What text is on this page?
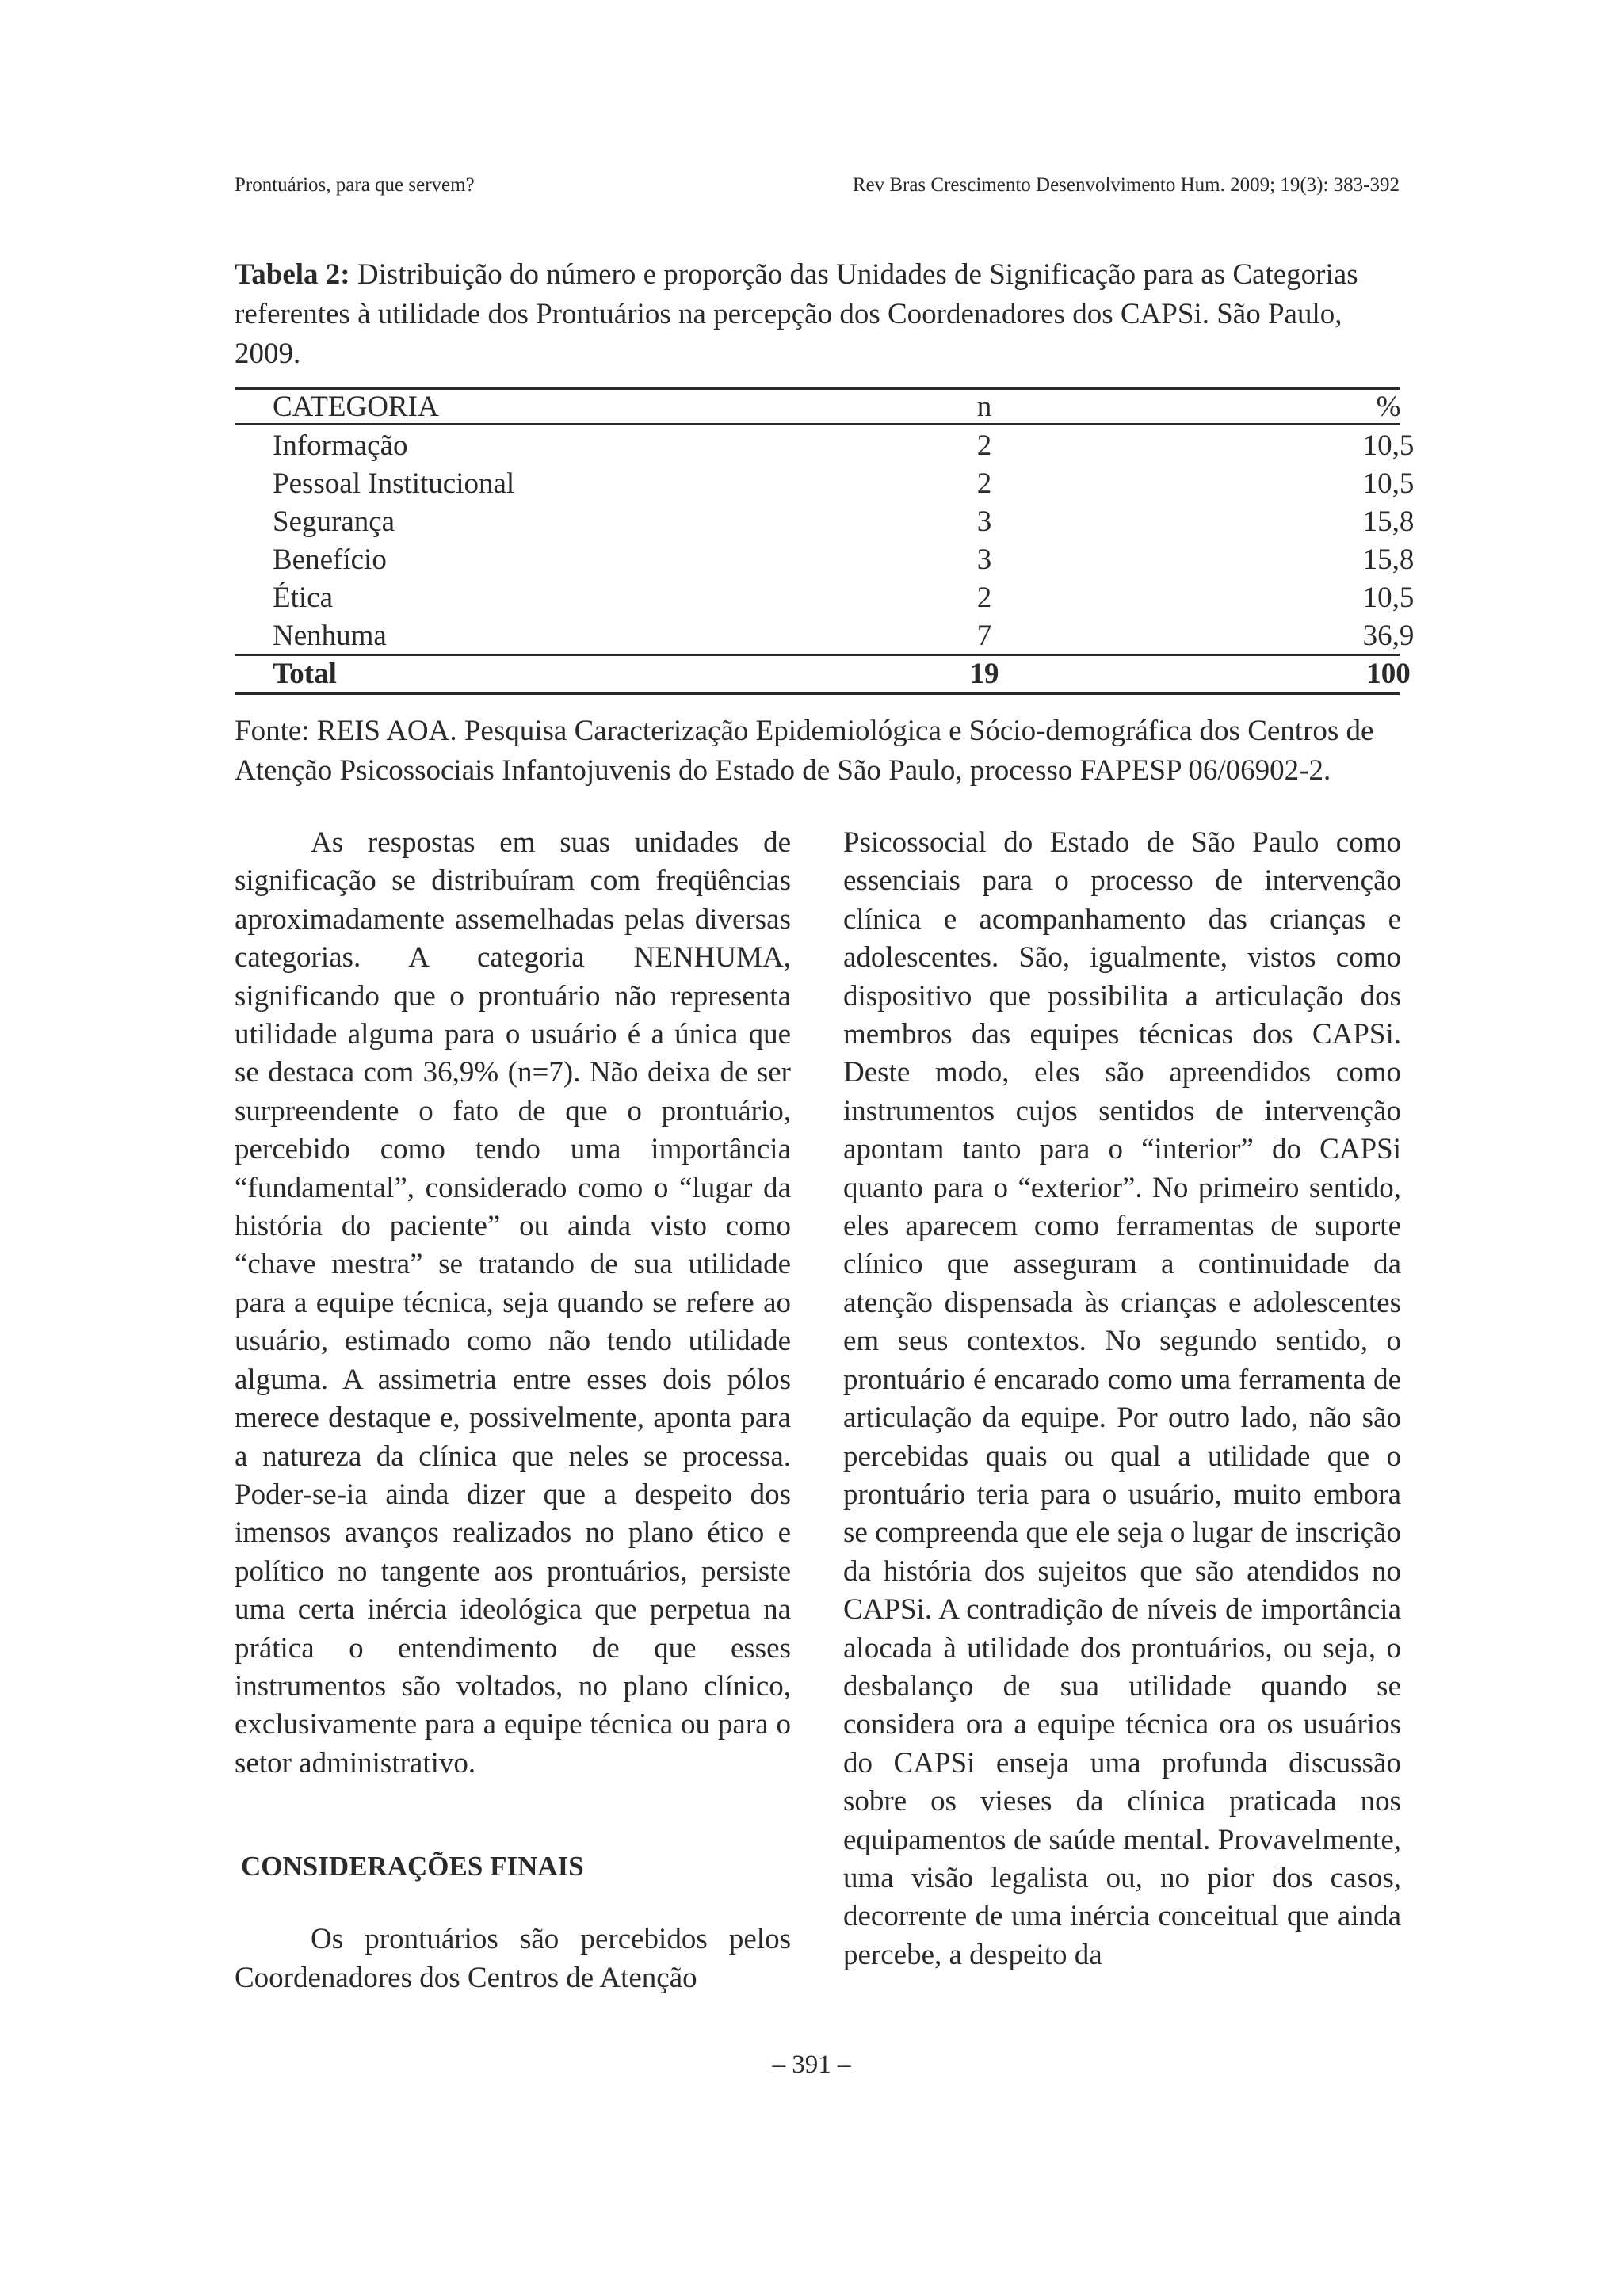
Prontuários, para que servem?	Rev Bras Crescimento Desenvolvimento Hum. 2009; 19(3): 383-392
Tabela 2: Distribuição do número e proporção das Unidades de Significação para as Categorias referentes à utilidade dos Prontuários na percepção dos Coordenadores dos CAPSi. São Paulo, 2009.
CATEGORIA	n	%
Informação	2	10,5
Pessoal Institucional	2	10,5
Segurança	3	15,8
Benefício	3	15,8
Ética	2	10,5
Nenhuma	7	36,9
Total	19	100
Fonte: REIS AOA. Pesquisa Caracterização Epidemiológica e Sócio-demográfica dos Centros de Atenção Psicossociais Infantojuvenis do Estado de São Paulo, processo FAPESP 06/06902-2.

As respostas em suas unidades de significação se distribuíram com freqüências aproximadamente assemelhadas pelas diversas categorias. A categoria NENHUMA, significando que o prontuário não representa utilidade alguma para o usuário é a única que se destaca com 36,9% (n=7). Não deixa de ser surpreendente o fato de que o prontuário, percebido como tendo uma importância “fundamental”, considerado como o “lugar da história do paciente” ou ainda visto como “chave mestra” se tratando de sua utilidade para a equipe técnica, seja quando se refere ao usuário, estimado como não tendo utilidade alguma. A assimetria entre esses dois pólos merece destaque e, possivelmente, aponta para a natureza da clínica que neles se processa. Poder-se-ia ainda dizer que a despeito dos imensos avanços realizados no plano ético e político no tangente aos prontuários, persiste uma certa inércia ideológica que perpetua na prática o entendimento de que esses instrumentos são voltados, no plano clínico, exclusivamente para a equipe técnica ou para o setor administrativo.

CONSIDERAÇÕES FINAIS

Os prontuários são percebidos pelos Coordenadores dos Centros de Atenção

Psicossocial do Estado de São Paulo como essenciais para o processo de intervenção clínica e acompanhamento das crianças e adolescentes. São, igualmente, vistos como dispositivo que possibilita a articulação dos membros das equipes técnicas dos CAPSi. Deste modo, eles são apreendidos como instrumentos cujos sentidos de intervenção apontam tanto para o “interior” do CAPSi quanto para o “exterior”. No primeiro sentido, eles aparecem como ferramentas de suporte clínico que asseguram a continuidade da atenção dispensada às crianças e adolescentes em seus contextos. No segundo sentido, o prontuário é encarado como uma ferramenta de articulação da equipe. Por outro lado, não são percebidas quais ou qual a utilidade que o prontuário teria para o usuário, muito embora se compreenda que ele seja o lugar de inscrição da história dos sujeitos que são atendidos no CAPSi. A contradição de níveis de importância alocada à utilidade dos prontuários, ou seja, o desbalanço de sua utilidade quando se considera ora a equipe técnica ora os usuários do CAPSi enseja uma profunda discussão sobre os vieses da clínica praticada nos equipamentos de saúde mental. Provavelmente, uma visão legalista ou, no pior dos casos, decorrente de uma inércia conceitual que ainda percebe, a despeito da

– 391 –
